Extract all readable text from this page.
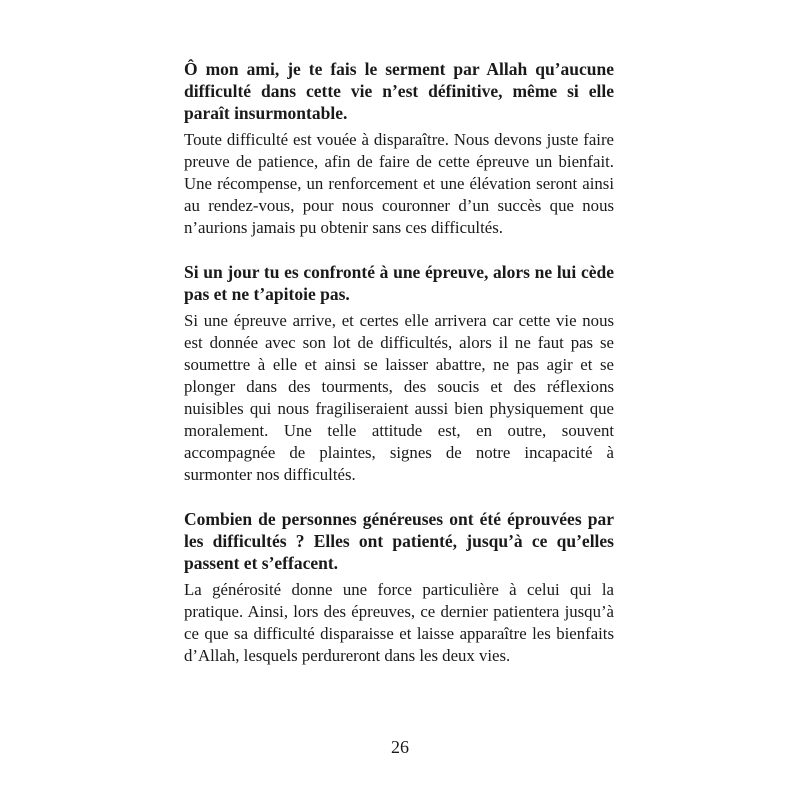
Ô mon ami, je te fais le serment par Allah qu’aucune difficulté dans cette vie n’est définitive, même si elle paraît insurmontable.

Toute difficulté est vouée à disparaître. Nous devons juste faire preuve de patience, afin de faire de cette épreuve un bienfait. Une récompense, un renforcement et une élévation seront ainsi au rendez-vous, pour nous couronner d’un succès que nous n’aurions jamais pu obtenir sans ces difficultés.

Si un jour tu es confronté à une épreuve, alors ne lui cède pas et ne t’apitoie pas.

Si une épreuve arrive, et certes elle arrivera car cette vie nous est donnée avec son lot de difficultés, alors il ne faut pas se soumettre à elle et ainsi se laisser abattre, ne pas agir et se plonger dans des tourments, des soucis et des réflexions nuisibles qui nous fragiliseraient aussi bien physiquement que moralement. Une telle attitude est, en outre, souvent accompagnée de plaintes, signes de notre incapacité à surmonter nos difficultés.

Combien de personnes généreuses ont été éprouvées par les difficultés ? Elles ont patienté, jusqu’à ce qu’elles passent et s’effacent.

La générosité donne une force particulière à celui qui la pratique. Ainsi, lors des épreuves, ce dernier patientera jusqu’à ce que sa difficulté disparaisse et laisse apparaître les bienfaits d’Allah, lesquels perdureront dans les deux vies.

26
